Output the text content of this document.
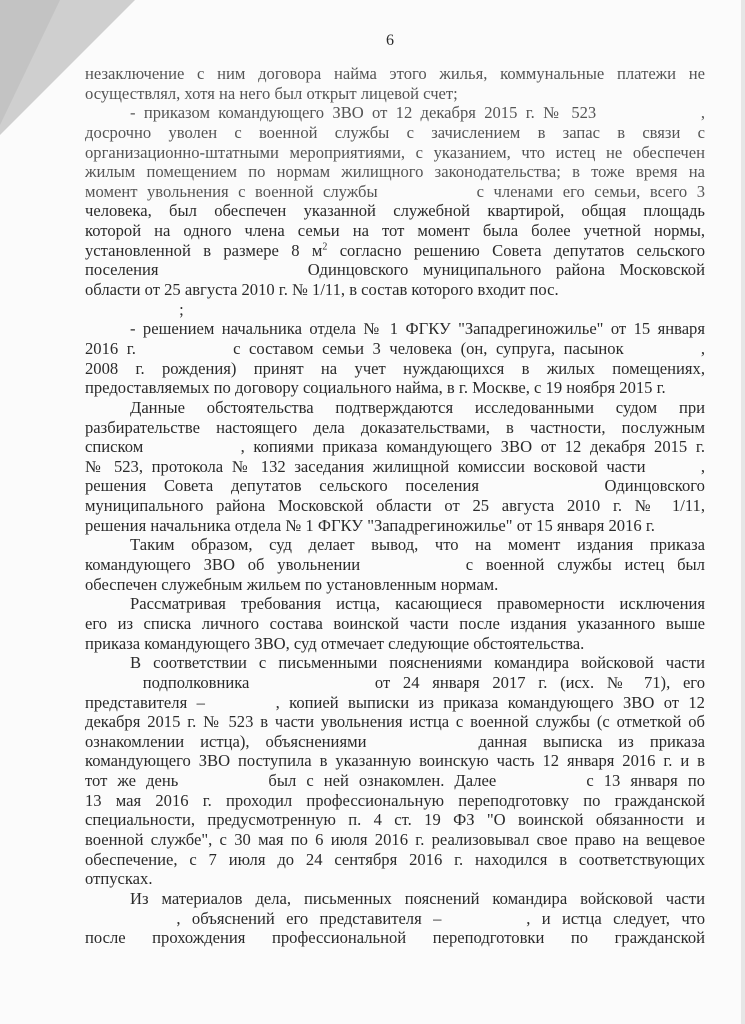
6
незаключение с ним договора найма этого жилья, коммунальные платежи не
осуществлял, хотя на него был открыт лицевой счет;
- приказом командующего ЗВО от 12 декабря 2015 г. № 523	,
досрочно уволен с военной службы с зачислением в запас в связи с
организационно-штатными мероприятиями, с указанием, что истец не обеспечен
жилым помещением по нормам жилищного законодательства; в тоже время на
момент увольнения с военной службы	с членами его семьи, всего 3
человека, был обеспечен указанной служебной квартирой, общая площадь
которой на одного члена семьи на тот момент была более учетной нормы,
установленной в размере 8 $м^2$ согласно решению Совета депутатов сельского
поселения	Одинцовского муниципального района Московской
области от 25 августа 2010 г. № 1/11, в состав которого входит пос.
;
- решением начальника отдела № 1 ФГКУ "Западрегиножилье" от 15 января
2016 г.	с составом семьи 3 человека (он, супруга, пасынок	,
2008 г. рождения) принят на учет нуждающихся в жилых помещениях,
предоставляемых по договору социального найма, в г. Москве, с 19 ноября 2015 г.
Данные обстоятельства подтверждаются исследованными судом при
разбирательстве настоящего дела доказательствами, в частности, послужным
списком	, копиями приказа командующего ЗВО от 12 декабря 2015 г.
№ 523, протокола № 132 заседания жилищной комиссии восковой части	,
решения Совета депутатов сельского поселения	Одинцовского
муниципального района Московской области от 25 августа 2010 г. № 1/11,
решения начальника отдела № 1 ФГКУ "Западрегиножилье" от 15 января 2016 г.
Таким образом, суд делает вывод, что на момент издания приказа
командующего ЗВО об увольнении	с военной службы истец был
обеспечен служебным жильем по установленным нормам.
Рассматривая требования истца, касающиеся правомерности исключения
его из списка личного состава воинской части после издания указанного выше
приказа командующего ЗВО, суд отмечает следующие обстоятельства.
В соответствии с письменными пояснениями командира войсковой части
подполковника	от 24 января 2017 г. (исх. № 71), его
представителя –	, копией выписки из приказа командующего ЗВО от 12
декабря 2015 г. № 523 в части увольнения истца с военной службы (с отметкой об
ознакомлении истца), объяснениями	данная выписка из приказа
командующего ЗВО поступила в указанную воинскую часть 12 января 2016 г. и в
тот же день	был с ней ознакомлен. Далее	с 13 января по
13 мая 2016 г. проходил профессиональную переподготовку по гражданской
специальности, предусмотренную п. 4 ст. 19 ФЗ "О воинской обязанности и
военной службе", с 30 мая по 6 июля 2016 г. реализовывал свое право на вещевое
обеспечение, с 7 июля до 24 сентября 2016 г. находился в соответствующих
отпусках.
Из материалов дела, письменных пояснений командира войсковой части
, объяснений его представителя –	, и истца следует, что
после прохождения профессиональной переподготовки по гражданской
